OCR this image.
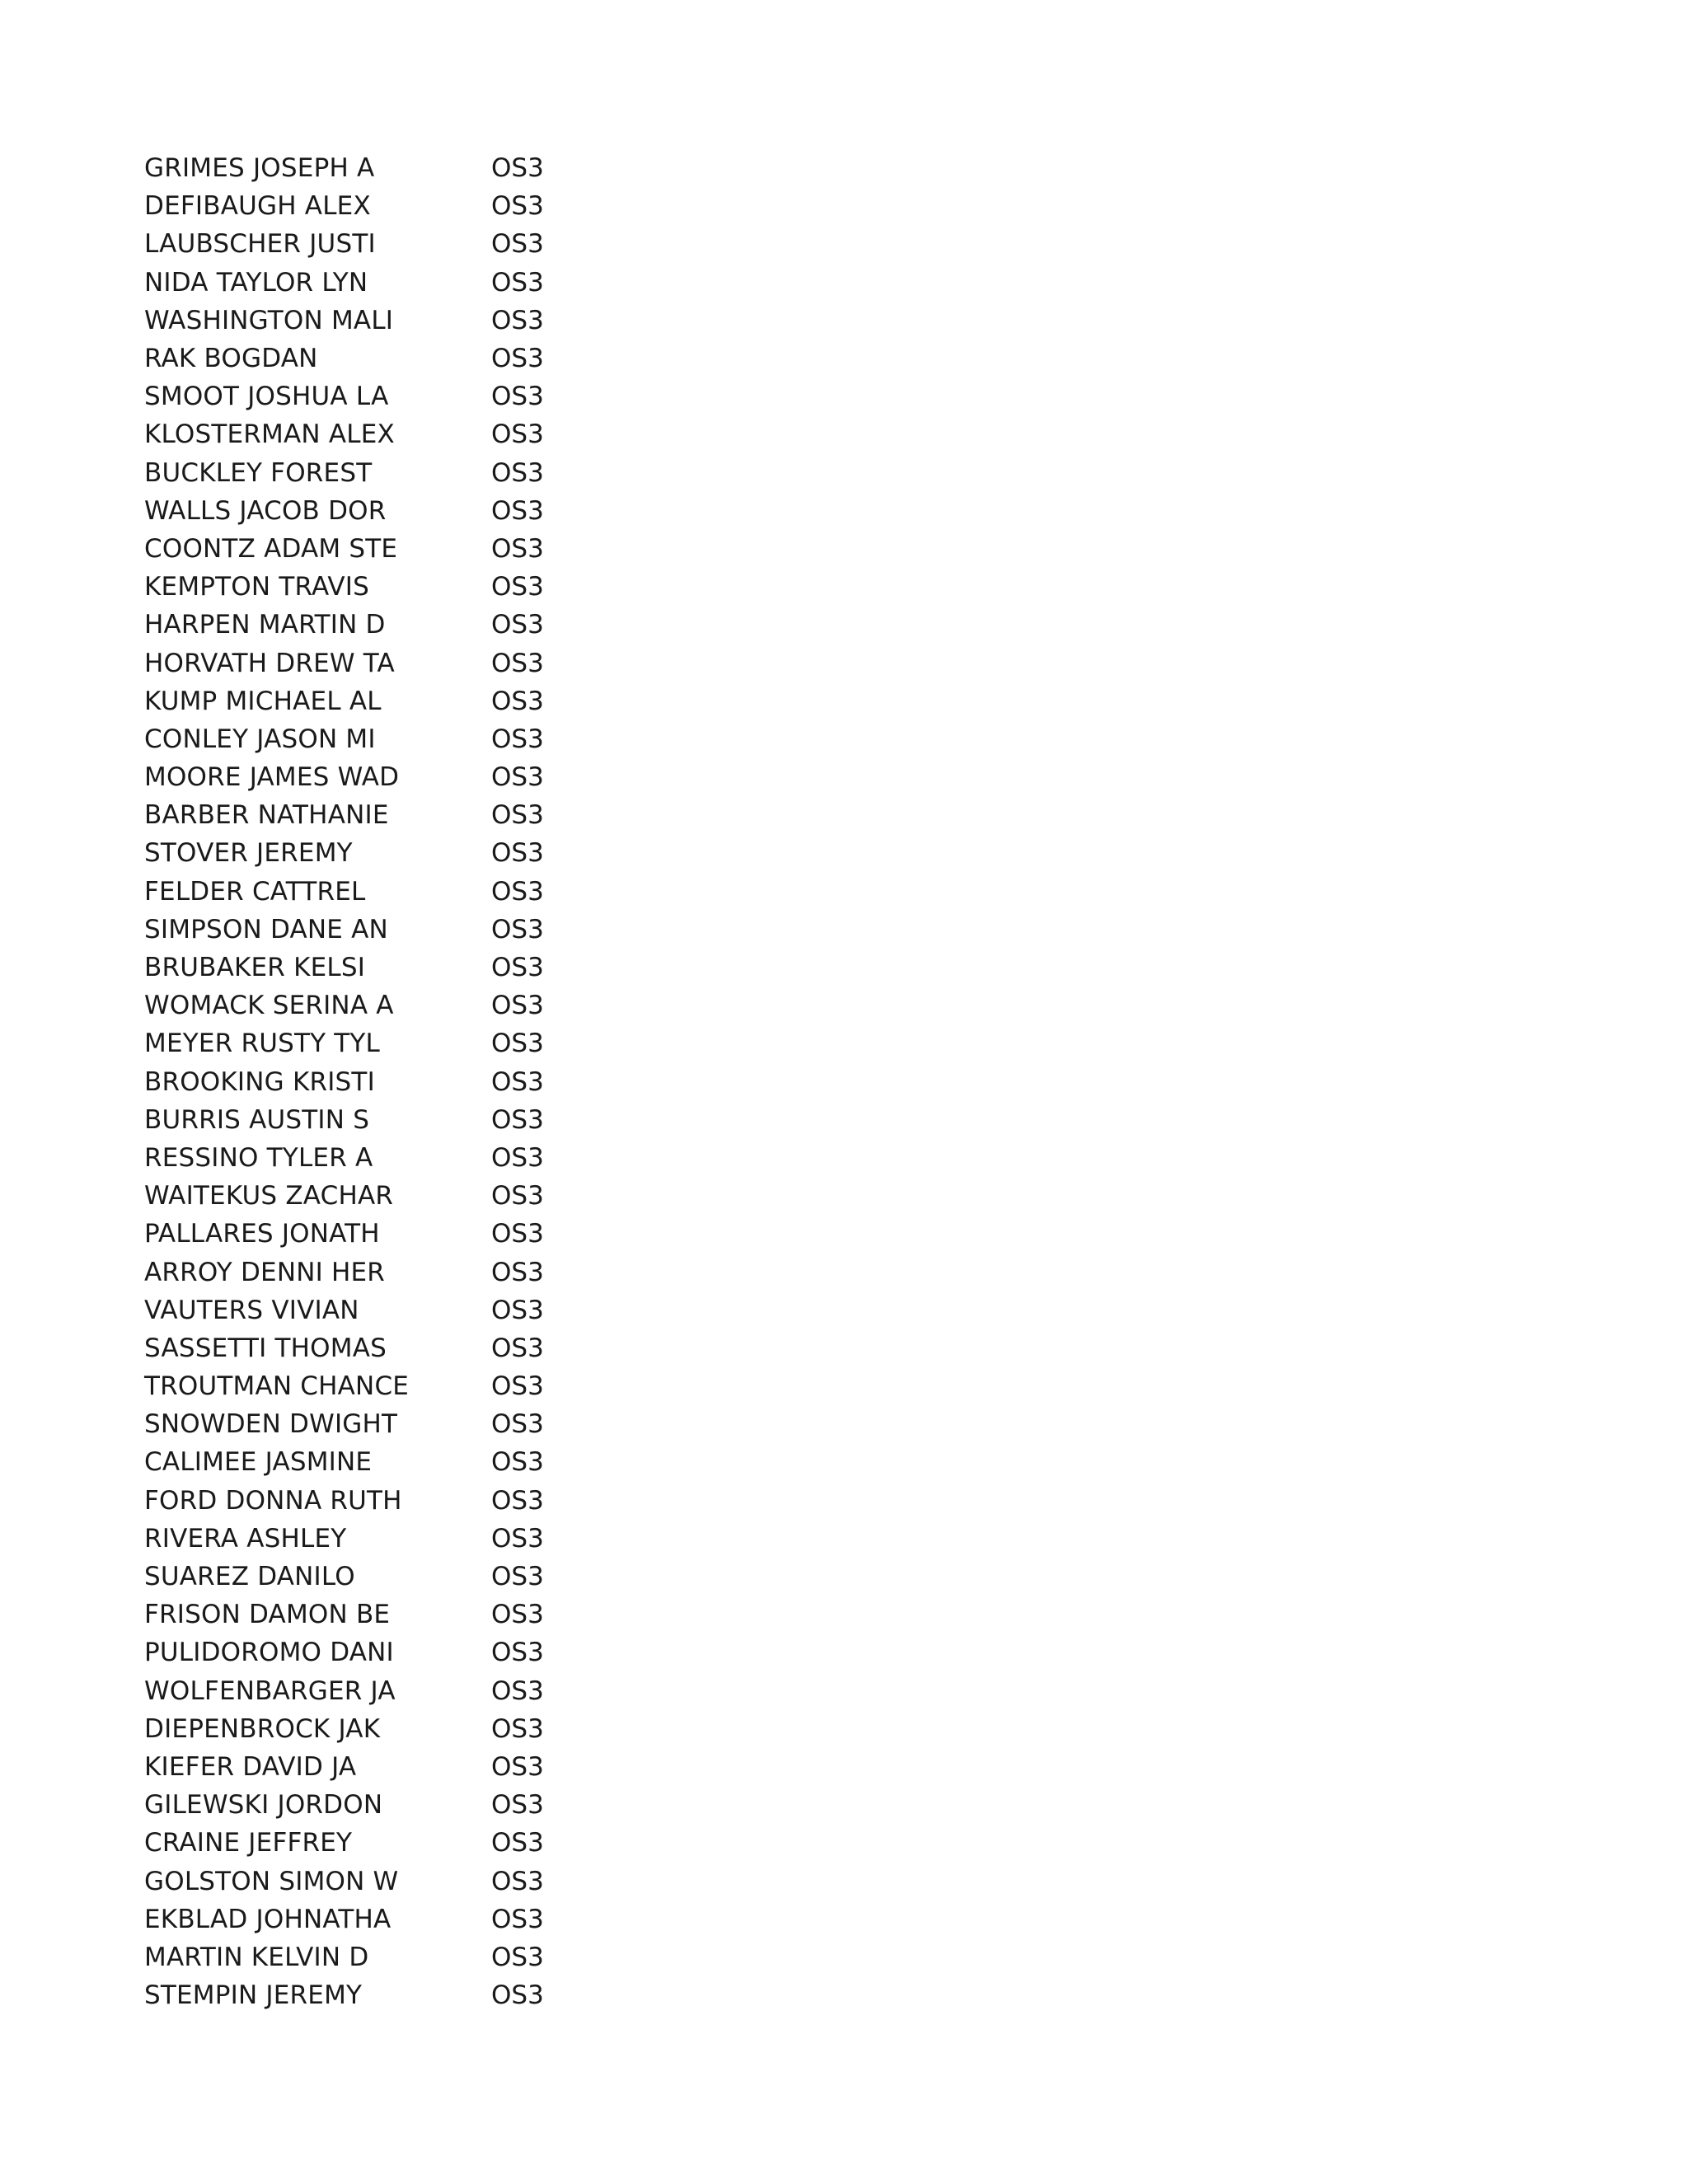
GRIMES JOSEPH A	OS3
DEFIBAUGH ALEX	OS3
LAUBSCHER JUSTI	OS3
NIDA TAYLOR LYN	OS3
WASHINGTON MALI	OS3
RAK BOGDAN	OS3
SMOOT JOSHUA LA	OS3
KLOSTERMAN ALEX	OS3
BUCKLEY FOREST	OS3
WALLS JACOB DOR	OS3
COONTZ ADAM STE	OS3
KEMPTON TRAVIS	OS3
HARPEN MARTIN D	OS3
HORVATH DREW TA	OS3
KUMP MICHAEL AL	OS3
CONLEY JASON MI	OS3
MOORE JAMES WAD	OS3
BARBER NATHANIE	OS3
STOVER JEREMY	OS3
FELDER CATTREL	OS3
SIMPSON DANE AN	OS3
BRUBAKER KELSI	OS3
WOMACK SERINA A	OS3
MEYER RUSTY TYL	OS3
BROOKING KRISTI	OS3
BURRIS AUSTIN S	OS3
RESSINO TYLER A	OS3
WAITEKUS ZACHAR	OS3
PALLARES JONATH	OS3
ARROY DENNI HER	OS3
VAUTERS VIVIAN	OS3
SASSETTI THOMAS	OS3
TROUTMAN CHANCE	OS3
SNOWDEN DWIGHT	OS3
CALIMEE JASMINE	OS3
FORD DONNA RUTH	OS3
RIVERA ASHLEY	OS3
SUAREZ DANILO	OS3
FRISON DAMON BE	OS3
PULIDOROMO DANI	OS3
WOLFENBARGER JA	OS3
DIEPENBROCK JAK	OS3
KIEFER DAVID JA	OS3
GILEWSKI JORDON	OS3
CRAINE JEFFREY	OS3
GOLSTON SIMON W	OS3
EKBLAD JOHNATHA	OS3
MARTIN KELVIN D	OS3
STEMPIN JEREMY	OS3
